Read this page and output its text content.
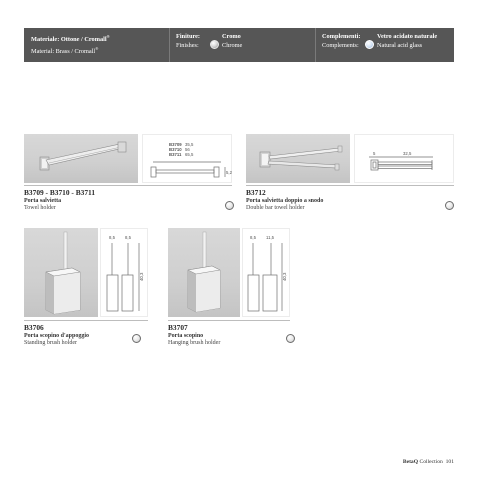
Materiale: Ottone / Cromall®
Material: Brass / Cromall®
Finiture:
Finishes:
Cromo
Chrome
Complementi:
Complements:
Vetro acidato naturale
Natural acid glass
B3709 35,5
B3710 56
B3711 65,5
5,2
B3709 - B3710 - B3711
Porta salvietta
Towel holder
5	32,5
B3712
Porta salvietta doppio a snodo
Double bar towel holder
8,5 8,5
40,3
B3706
Porta scopino d'appoggio
Standing brush holder
8,5 11,5
40,3
B3707
Porta scopino
Hanging brush holder
BetaQ Collection 101
